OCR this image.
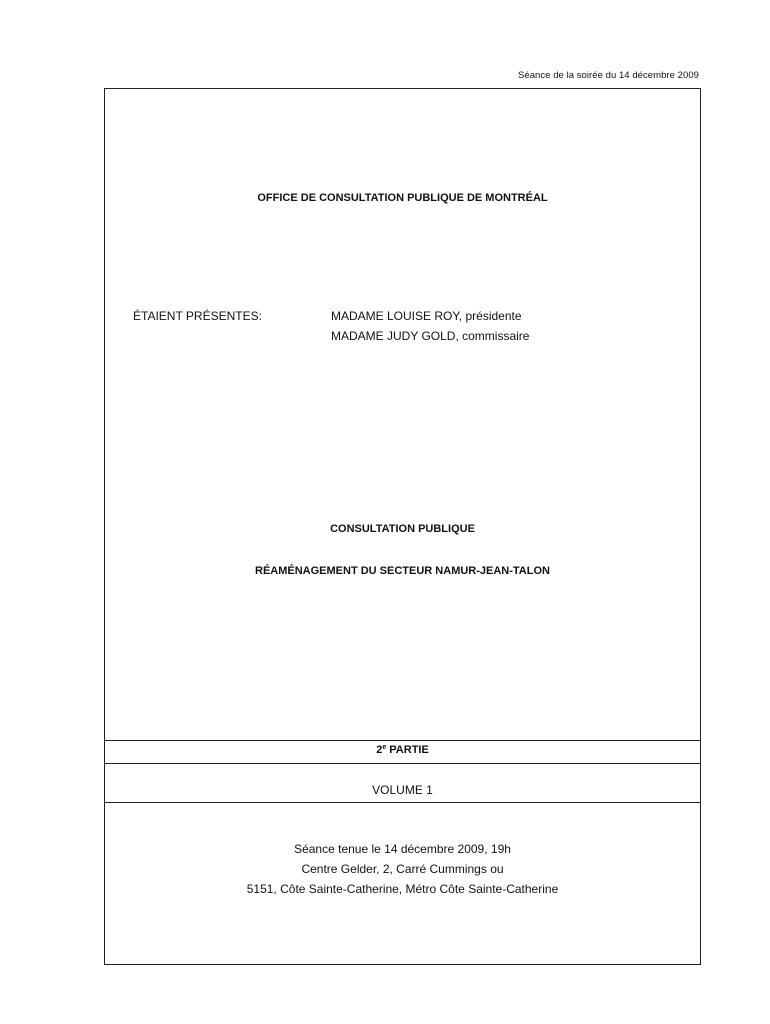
Séance de la soirée du 14 décembre 2009
OFFICE DE CONSULTATION PUBLIQUE DE MONTRÉAL
ÉTAIENT PRÉSENTES:	MADAME LOUISE ROY, présidente
MADAME JUDY GOLD, commissaire
CONSULTATION PUBLIQUE
RÉAMÉNAGEMENT DU SECTEUR NAMUR-JEAN-TALON
2e PARTIE
VOLUME 1
Séance tenue le 14 décembre 2009, 19h
Centre Gelder, 2, Carré Cummings ou
5151, Côte Sainte-Catherine, Métro Côte Sainte-Catherine
